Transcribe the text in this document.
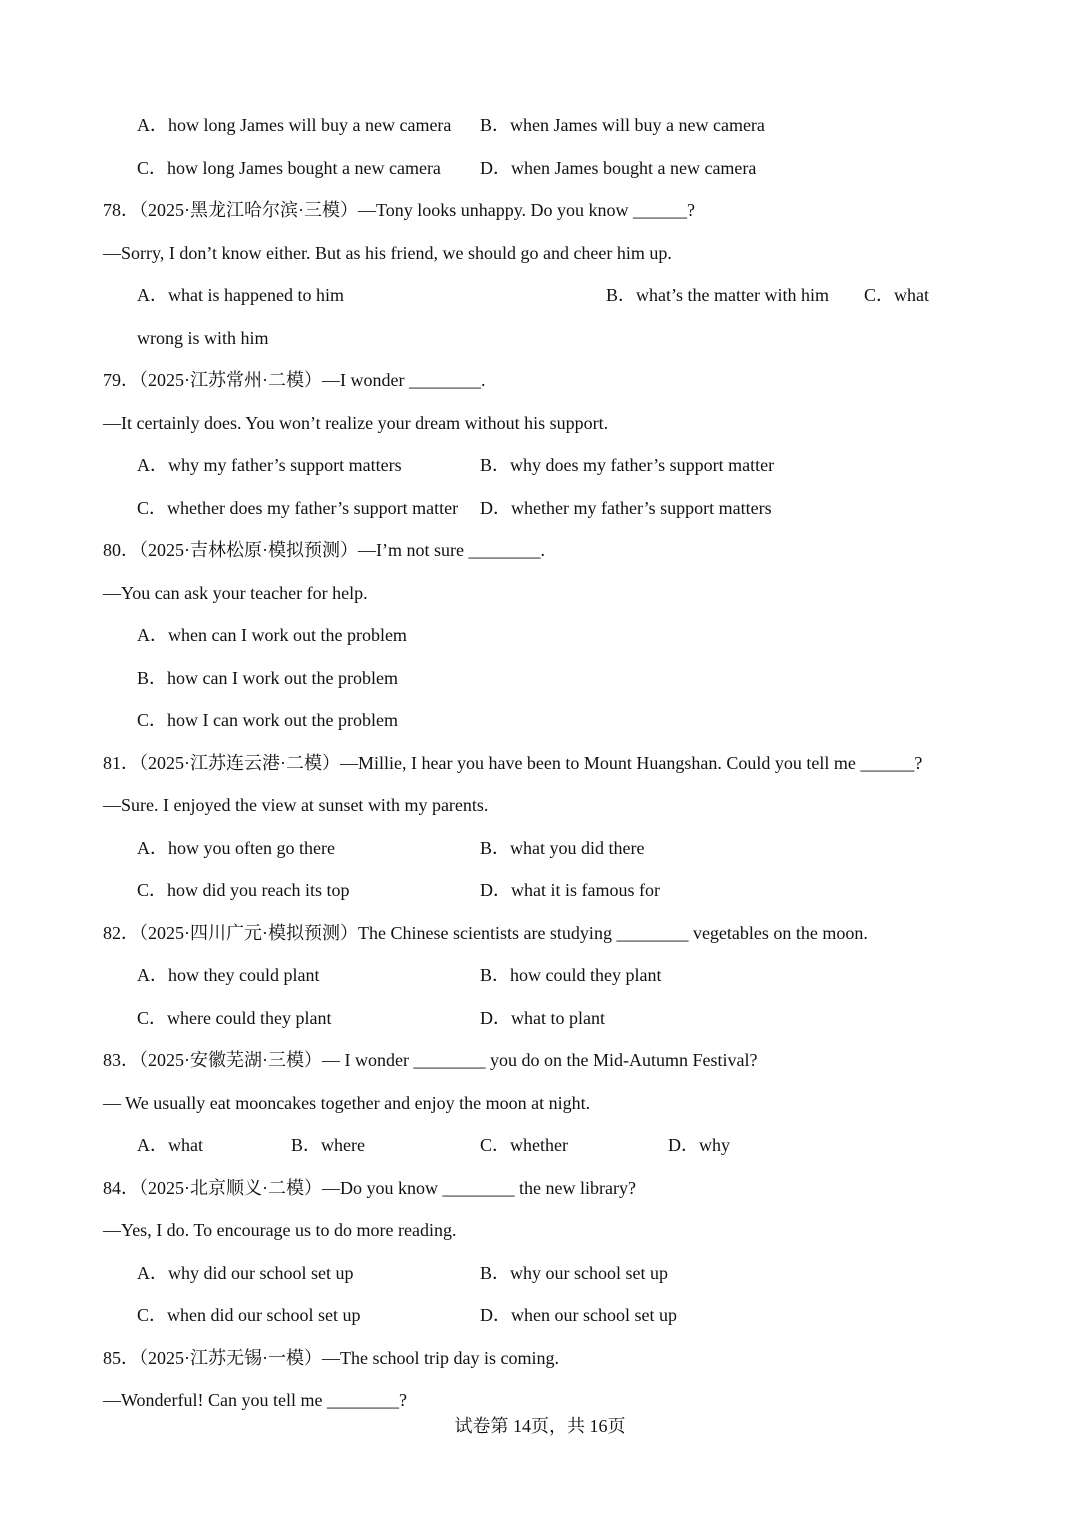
A．how long James will buy a new camera B．when James will buy a new camera
C．how long James bought a new camera D．when James bought a new camera
78．（2025·黑龙江哈尔滨·三模）—Tony looks unhappy. Do you know ______?
—Sorry, I don’t know either. But as his friend, we should go and cheer him up.
A．what is happened to him	B．what’s the matter with him C．what
wrong is with him
79．（2025·江苏常州·二模）—I wonder ________.
—It certainly does. You won’t realize your dream without his support.
A．why my father’s support matters	B．why does my father’s support matter
C．whether does my father’s support matter D．whether my father’s support matters
80．（2025·吉林松原·模拟预测）—I’m not sure ________.
—You can ask your teacher for help.
A．when can I work out the problem
B．how can I work out the problem
C．how I can work out the problem
81．（2025·江苏连云港·二模）—Millie, I hear you have been to Mount Huangshan. Could you tell me ______?
—Sure. I enjoyed the view at sunset with my parents.
A．how you often go there	B．what you did there
C．how did you reach its top	D．what it is famous for
82．（2025·四川广元·模拟预测）The Chinese scientists are studying ________ vegetables on the moon.
A．how they could plant	B．how could they plant
C．where could they plant	D．what to plant
83．（2025·安徽芜湖·三模）— I wonder ________ you do on the Mid-Autumn Festival?
— We usually eat mooncakes together and enjoy the moon at night.
A．what	B．where	C．whether	D．why
84．（2025·北京顺义·二模）—Do you know ________ the new library?
—Yes, I do. To encourage us to do more reading.
A．why did our school set up	B．why our school set up
C．when did our school set up	D．when our school set up
85．（2025·江苏无锡·一模）—The school trip day is coming.
—Wonderful! Can you tell me ________?
试卷第 14页，共 16页
